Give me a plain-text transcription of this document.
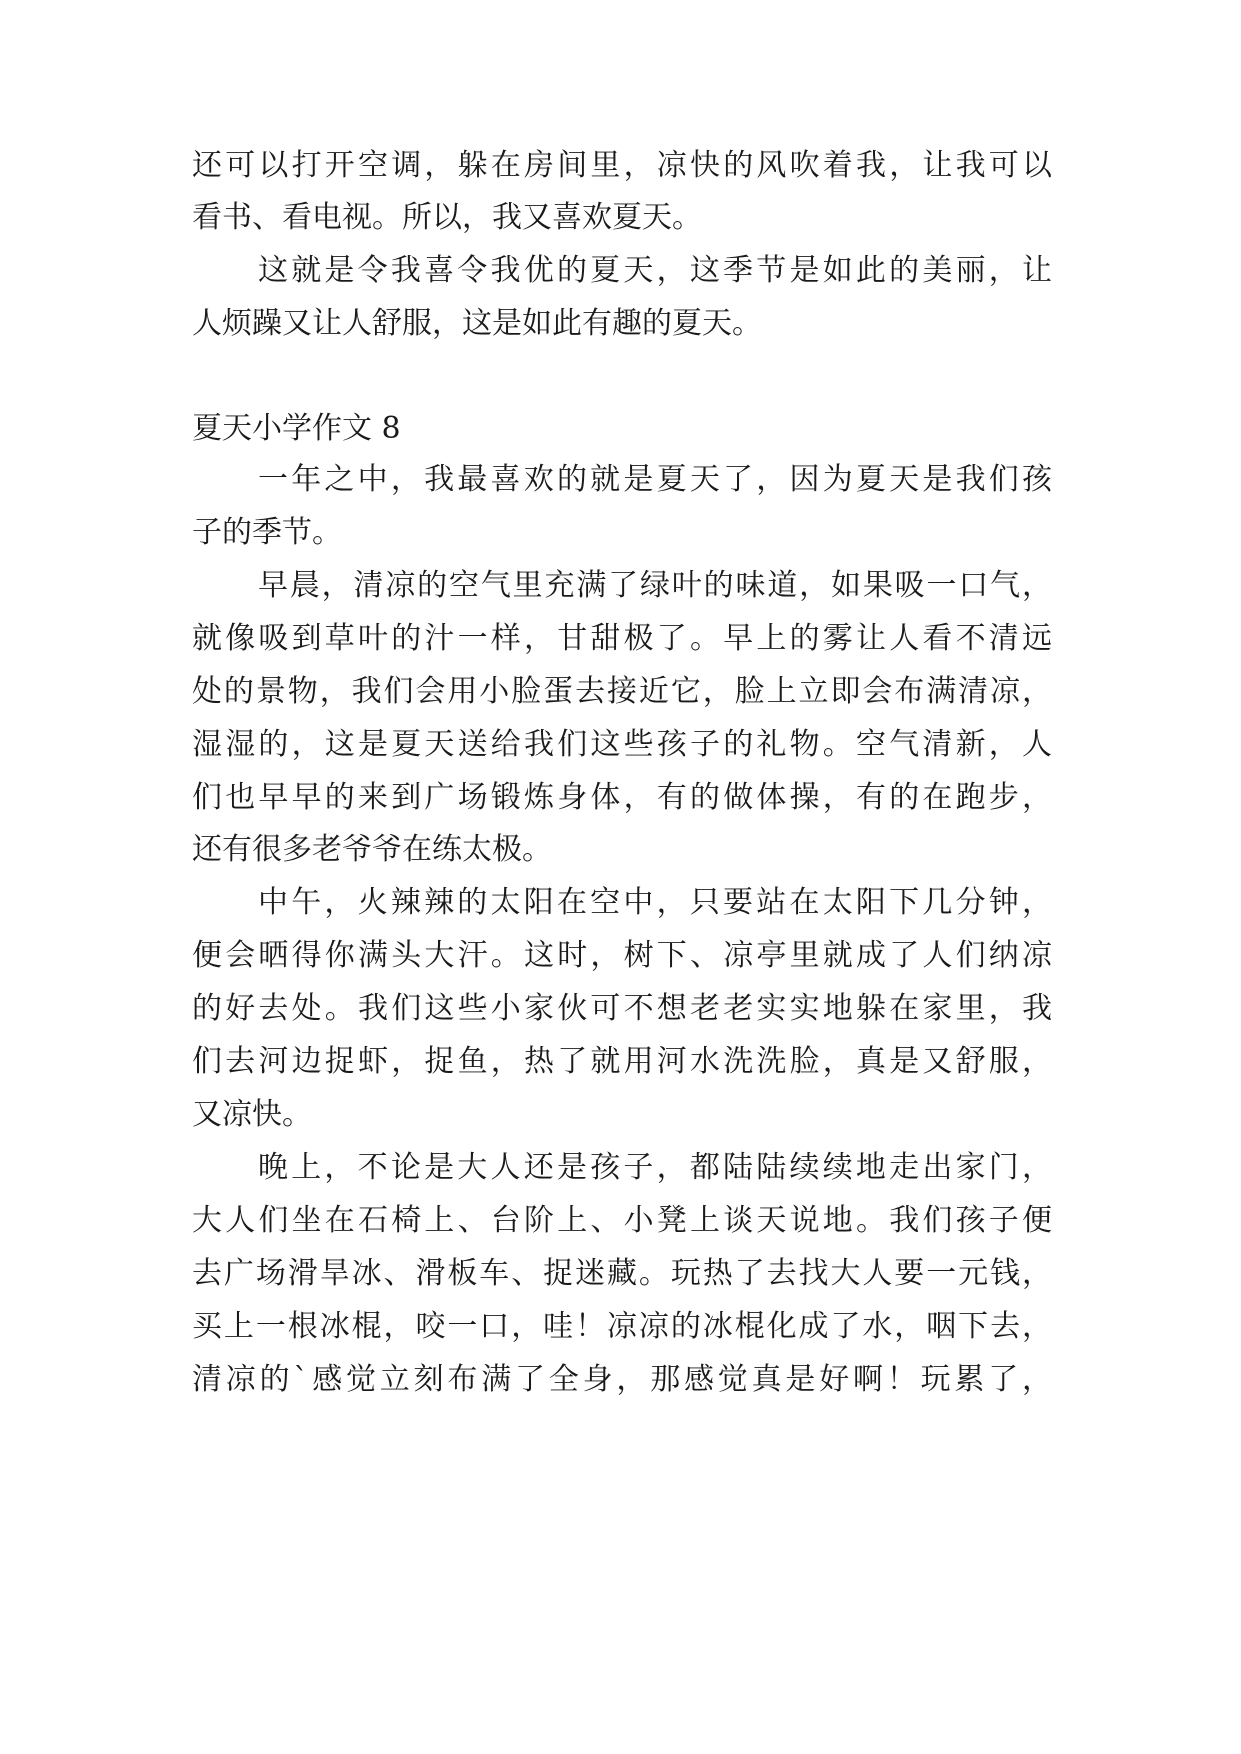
还可以打开空调，躲在房间里，凉快的风吹着我，让我可以
看书、看电视。所以，我又喜欢夏天。
这就是令我喜令我优的夏天，这季节是如此的美丽，让
人烦躁又让人舒服，这是如此有趣的夏天。
夏天小学作文 8
一年之中，我最喜欢的就是夏天了，因为夏天是我们孩
子的季节。
早晨，清凉的空气里充满了绿叶的味道，如果吸一口气，
就像吸到草叶的汁一样，甘甜极了。早上的雾让人看不清远
处的景物，我们会用小脸蛋去接近它，脸上立即会布满清凉，
湿湿的，这是夏天送给我们这些孩子的礼物。空气清新，人
们也早早的来到广场锻炼身体，有的做体操，有的在跑步，
还有很多老爷爷在练太极。
中午，火辣辣的太阳在空中，只要站在太阳下几分钟，
便会晒得你满头大汗。这时，树下、凉亭里就成了人们纳凉
的好去处。我们这些小家伙可不想老老实实地躲在家里，我
们去河边捉虾，捉鱼，热了就用河水洗洗脸，真是又舒服，
又凉快。
晚上，不论是大人还是孩子，都陆陆续续地走出家门，
大人们坐在石椅上、台阶上、小凳上谈天说地。我们孩子便
去广场滑旱冰、滑板车、捉迷藏。玩热了去找大人要一元钱，
买上一根冰棍，咬一口，哇！凉凉的冰棍化成了水，咽下去，
清凉的`感觉立刻布满了全身，那感觉真是好啊！玩累了，
